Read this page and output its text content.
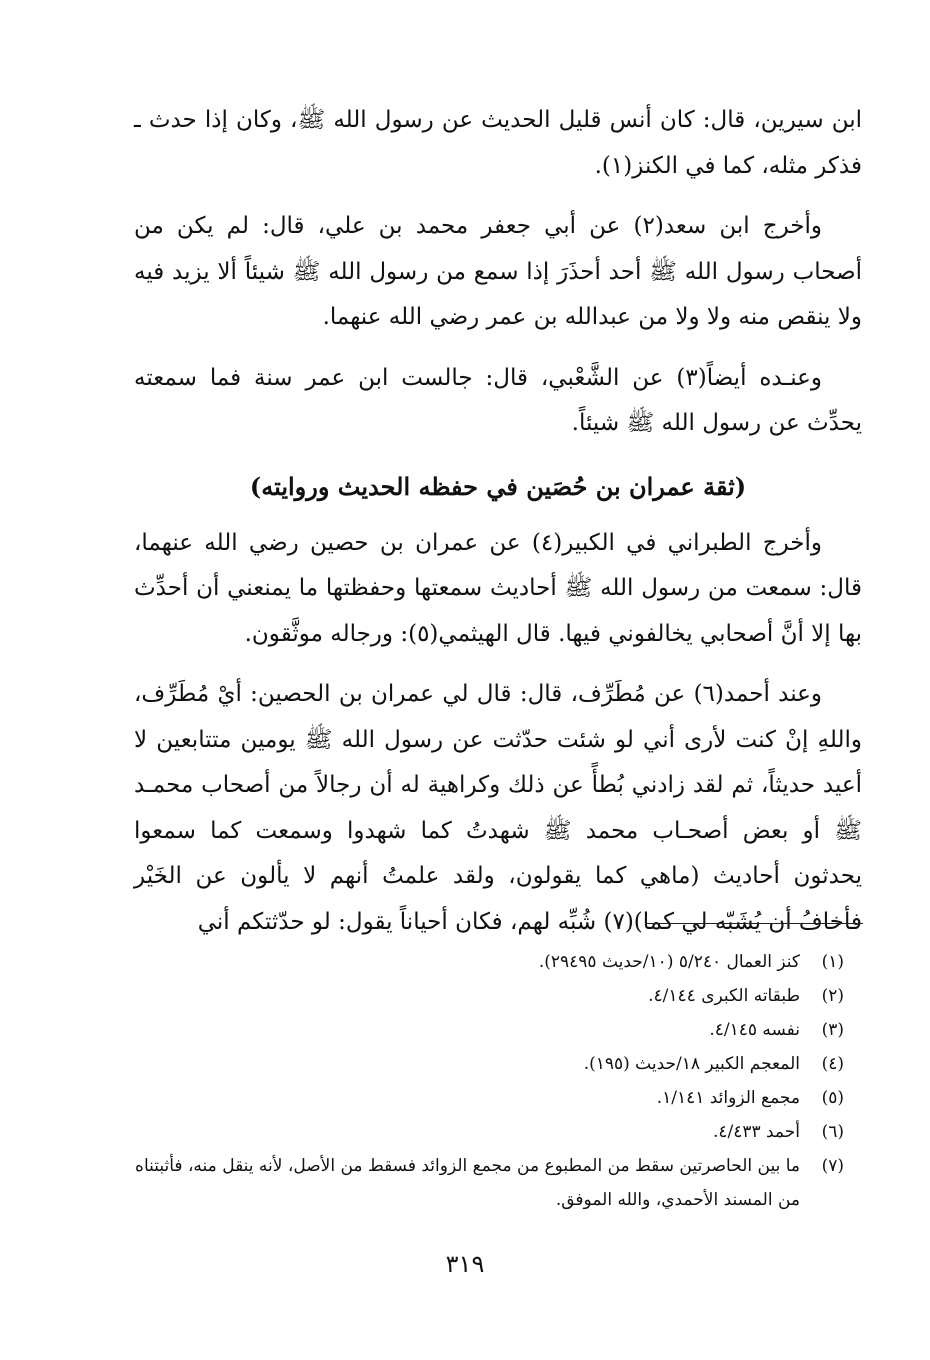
ابن سيرين، قال: كان أنس قليل الحديث عن رسول الله ﷺ، وكان إذا حدث ـ فذكر مثله، كما في الكنز(١).

وأخرج ابن سعد(٢) عن أبي جعفر محمد بن علي، قال: لم يكن من أصحاب رسول الله ﷺ أحد أحذَرَ إذا سمع من رسول الله ﷺ شيئاً ألا يزيد فيه ولا ينقص منه ولا ولا من عبدالله بن عمر رضي الله عنهما.

وعنـده أيضاً(٣) عن الشَّعْبي، قال: جالست ابن عمر سنة فما سمعته يحدِّث عن رسول الله ﷺ شيئاً.

(ثقة عمران بن حُصَين في حفظه الحديث وروايته)

وأخرج الطبراني في الكبير(٤) عن عمران بن حصين رضي الله عنهما، قال: سمعت من رسول الله ﷺ أحاديث سمعتها وحفظتها ما يمنعني أن أحدِّث بها إلا أنَّ أصحابي يخالفوني فيها. قال الهيثمي(٥): ورجاله موثَّقون.

وعند أحمد(٦) عن مُطَرِّف، قال: قال لي عمران بن الحصين: أيْ مُطَرِّف، واللهِ إنْ كنت لأرى أني لو شئت حدّثت عن رسول الله ﷺ يومين متتابعين لا أعيد حديثاً، ثم لقد زادني بُطأً عن ذلك وكراهية له أن رجالاً من أصحاب محمـد ﷺ أو بعض أصحـاب محمد ﷺ شهدتُ كما شهدوا وسمعت كما سمعوا يحدثون أحاديث (ماهي كما يقولون، ولقد علمتُ أنهم لا يألون عن الخَيْر فأخافُ أن يُشَبّه لي كما)(٧) شُبِّه لهم، فكان أحياناً يقول: لو حدّثتكم أني

(١)
كنز العمال ٥/٢٤٠ (١٠/حديث ٢٩٤٩٥).
(٢)
طبقاته الكبرى ٤/١٤٤.
(٣)
نفسه ٤/١٤٥.
(٤)
المعجم الكبير ١٨/حديث (١٩٥).
(٥)
مجمع الزوائد ١/١٤١.
(٦)
أحمد ٤/٤٣٣.
(٧)
ما بين الحاصرتين سقط من المطبوع من مجمع الزوائد فسقط من الأصل، لأنه ينقل منه، فأثبتناه من المسند الأحمدي، والله الموفق.
٣١٩
